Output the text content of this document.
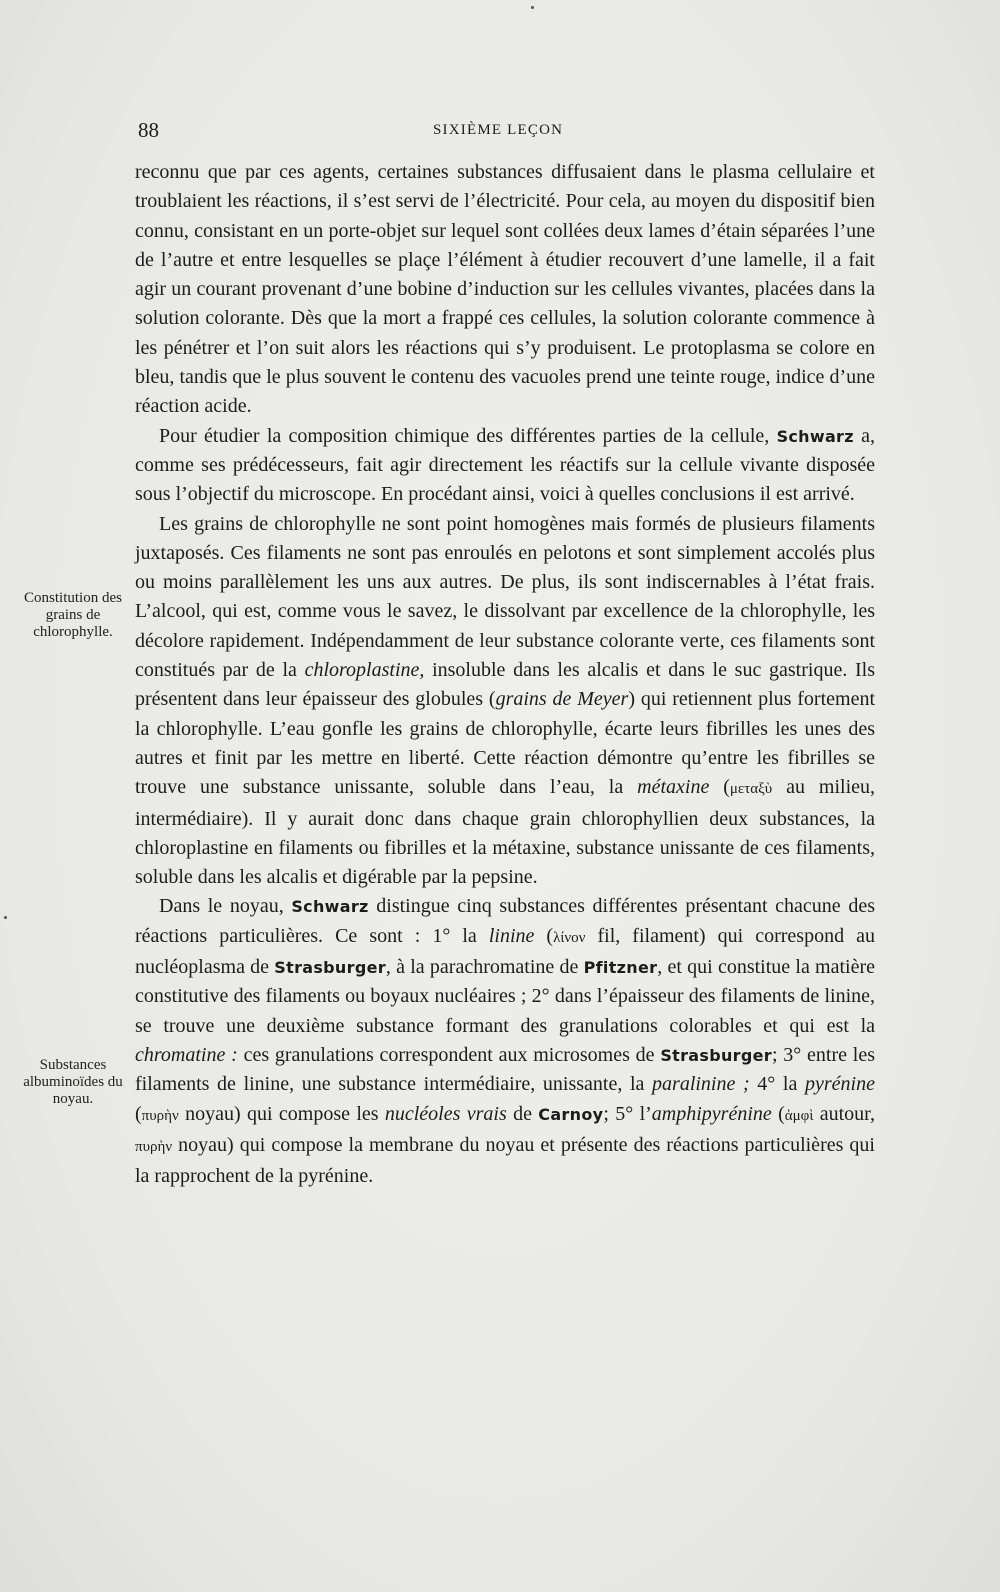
88	SIXIÈME LEÇON
Constitution des grains de chlorophylle.
Substances albuminoïdes du noyau.

reconnu que par ces agents, certaines substances diffusaient dans le plasma cellulaire et troublaient les réactions, il s’est servi de l’électricité. Pour cela, au moyen du dispositif bien connu, consistant en un porte-objet sur lequel sont collées deux lames d’étain séparées l’une de l’autre et entre lesquelles se plaçe l’élément à étudier recouvert d’une lamelle, il a fait agir un courant provenant d’une bobine d’induction sur les cellules vivantes, placées dans la solution colorante. Dès que la mort a frappé ces cellules, la solution colorante commence à les pénétrer et l’on suit alors les réactions qui s’y produisent. Le protoplasma se colore en bleu, tandis que le plus souvent le contenu des vacuoles prend une teinte rouge, indice d’une réaction acide.

Pour étudier la composition chimique des différentes parties de la cellule, Schwarz a, comme ses prédécesseurs, fait agir directement les réactifs sur la cellule vivante disposée sous l’objectif du microscope. En procédant ainsi, voici à quelles conclusions il est arrivé.

Les grains de chlorophylle ne sont point homogènes mais formés de plusieurs filaments juxtaposés. Ces filaments ne sont pas enroulés en pelotons et sont simplement accolés plus ou moins parallèlement les uns aux autres. De plus, ils sont indiscernables à l’état frais. L’alcool, qui est, comme vous le savez, le dissolvant par excellence de la chlorophylle, les décolore rapidement. Indépendamment de leur substance colorante verte, ces filaments sont constitués par de la chloroplastine, insoluble dans les alcalis et dans le suc gastrique. Ils présentent dans leur épaisseur des globules (grains de Meyer) qui retiennent plus fortement la chlorophylle. L’eau gonfle les grains de chlorophylle, écarte leurs fibrilles les unes des autres et finit par les mettre en liberté. Cette réaction démontre qu’entre les fibrilles se trouve une substance unissante, soluble dans l’eau, la métaxine (μεταξὺ au milieu, intermédiaire). Il y aurait donc dans chaque grain chlorophyllien deux substances, la chloroplastine en filaments ou fibrilles et la métaxine, substance unissante de ces filaments, soluble dans les alcalis et digérable par la pepsine.

Dans le noyau, Schwarz distingue cinq substances différentes présentant chacune des réactions particulières. Ce sont : 1° la linine (λίνον fil, filament) qui correspond au nucléoplasma de Strasburger, à la parachromatine de Pfitzner, et qui constitue la matière constitutive des filaments ou boyaux nucléaires ; 2° dans l’épaisseur des filaments de linine, se trouve une deuxième substance formant des granulations colorables et qui est la chromatine : ces granulations correspondent aux microsomes de Strasburger; 3° entre les filaments de linine, une substance intermédiaire, unissante, la paralinine ; 4° la pyrénine (πυρὴν noyau) qui compose les nucléoles vrais de Carnoy; 5° l’amphipyrénine (ἀμφὶ autour, πυρὴν noyau) qui compose la membrane du noyau et présente des réactions particulières qui la rapprochent de la pyrénine.
